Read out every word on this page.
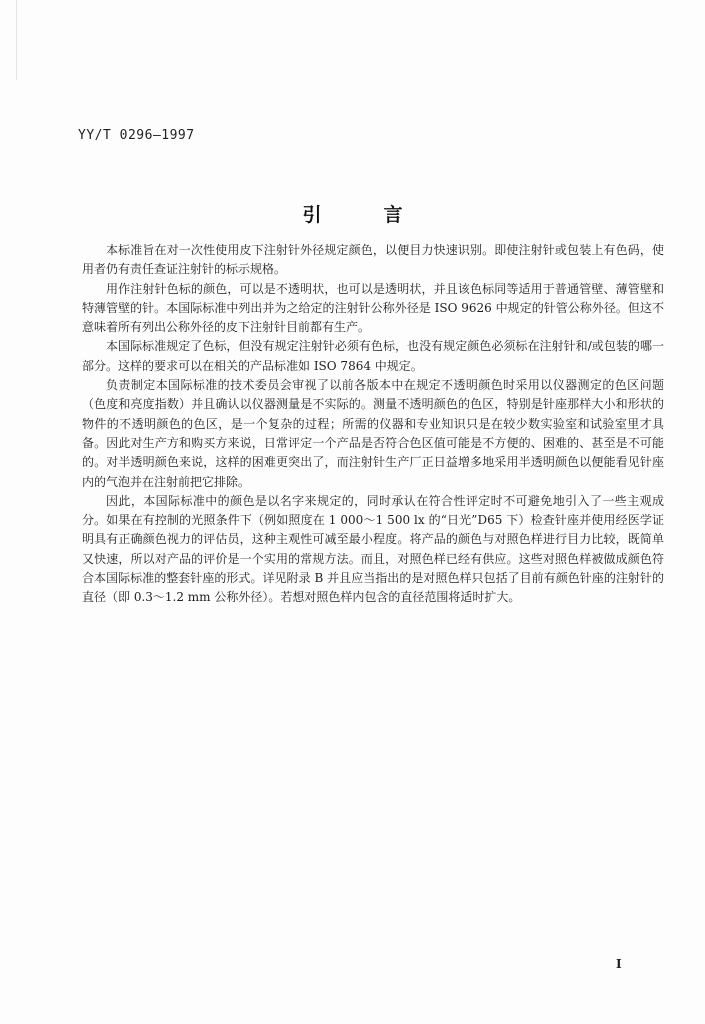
YY/T 0296—1997
引言

本标准旨在对一次性使用皮下注射针外径规定颜色，以便目力快速识别。即使注射针或包装上有色码，使用者仍有责任查证注射针的标示规格。

用作注射针色标的颜色，可以是不透明状，也可以是透明状，并且该色标同等适用于普通管壁、薄管壁和特薄管壁的针。本国际标准中列出并为之给定的注射针公称外径是 ISO 9626 中规定的针管公称外径。但这不意味着所有列出公称外径的皮下注射针目前都有生产。

本国际标准规定了色标，但没有规定注射针必须有色标，也没有规定颜色必须标在注射针和/或包装的哪一部分。这样的要求可以在相关的产品标准如 ISO 7864 中规定。

负责制定本国际标准的技术委员会审视了以前各版本中在规定不透明颜色时采用以仪器测定的色区问题（色度和亮度指数）并且确认以仪器测量是不实际的。测量不透明颜色的色区，特别是针座那样大小和形状的物件的不透明颜色的色区，是一个复杂的过程；所需的仪器和专业知识只是在较少数实验室和试验室里才具备。因此对生产方和购买方来说，日常评定一个产品是否符合色区值可能是不方便的、困难的、甚至是不可能的。对半透明颜色来说，这样的困难更突出了，而注射针生产厂正日益增多地采用半透明颜色以便能看见针座内的气泡并在注射前把它排除。

因此，本国际标准中的颜色是以名字来规定的，同时承认在符合性评定时不可避免地引入了一些主观成分。如果在有控制的光照条件下（例如照度在 1 000～1 500 lx 的“日光”D65 下）检查针座并使用经医学证明具有正确颜色视力的评估员，这种主观性可减至最小程度。将产品的颜色与对照色样进行目力比较，既简单又快速，所以对产品的评价是一个实用的常规方法。而且，对照色样已经有供应。这些对照色样被做成颜色符合本国际标准的整套针座的形式。详见附录 B 并且应当指出的是对照色样只包括了目前有颜色针座的注射针的直径（即 0.3～1.2 mm 公称外径）。若想对照色样内包含的直径范围将适时扩大。

I
